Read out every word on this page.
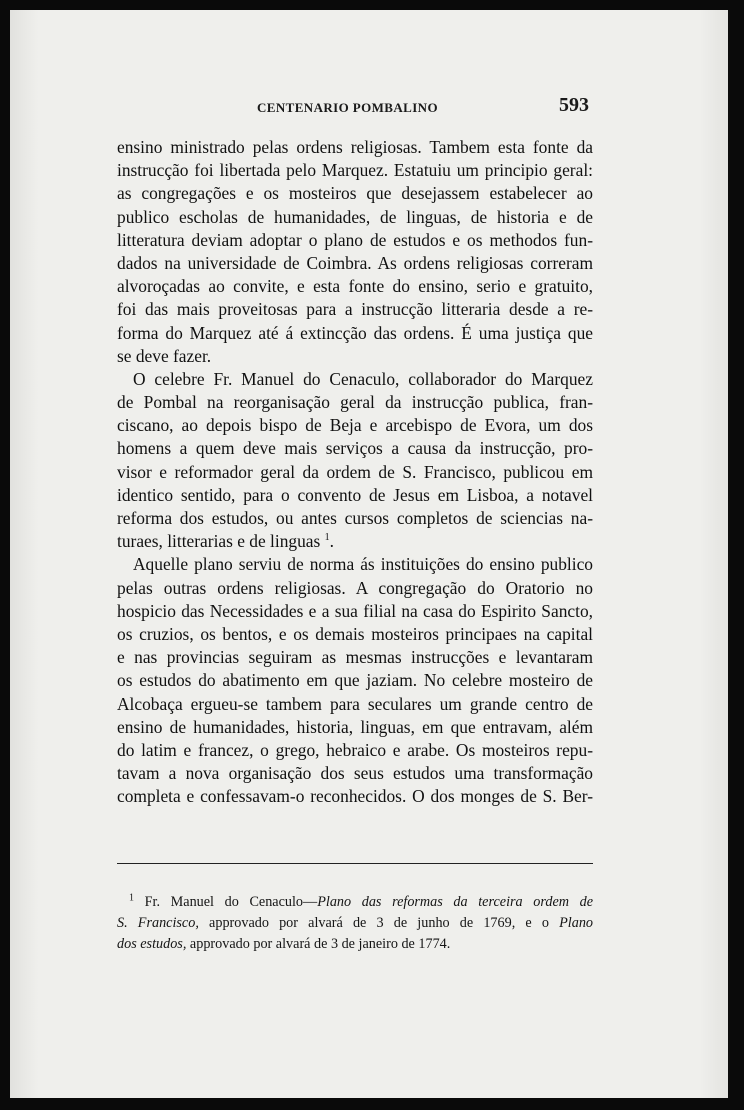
CENTENARIO POMBALINO	593
ensino ministrado pelas ordens religiosas. Tambem esta fonte da
instrucção foi libertada pelo Marquez. Estatuiu um principio geral:
as congregações e os mosteiros que desejassem estabelecer ao
publico escholas de humanidades, de linguas, de historia e de
litteratura deviam adoptar o plano de estudos e os methodos fun-
dados na universidade de Coimbra. As ordens religiosas correram
alvoroçadas ao convite, e esta fonte do ensino, serio e gratuito,
foi das mais proveitosas para a instrucção litteraria desde a re-
forma do Marquez até á extincção das ordens. É uma justiça que
se deve fazer.
O celebre Fr. Manuel do Cenaculo, collaborador do Marquez
de Pombal na reorganisação geral da instrucção publica, fran-
ciscano, ao depois bispo de Beja e arcebispo de Evora, um dos
homens a quem deve mais serviços a causa da instrucção, pro-
visor e reformador geral da ordem de S. Francisco, publicou em
identico sentido, para o convento de Jesus em Lisboa, a notavel
reforma dos estudos, ou antes cursos completos de sciencias na-
turaes, litterarias e de linguas $^1$.
Aquelle plano serviu de norma ás instituições do ensino publico
pelas outras ordens religiosas. A congregação do Oratorio no
hospicio das Necessidades e a sua filial na casa do Espirito Sancto,
os cruzios, os bentos, e os demais mosteiros principaes na capital
e nas provincias seguiram as mesmas instrucções e levantaram
os estudos do abatimento em que jaziam. No celebre mosteiro de
Alcobaça ergueu-se tambem para seculares um grande centro de
ensino de humanidades, historia, linguas, em que entravam, além
do latim e francez, o grego, hebraico e arabe. Os mosteiros repu-
tavam a nova organisação dos seus estudos uma transformação
completa e confessavam-o reconhecidos. O dos monges de S. Ber-
$^1$ Fr. Manuel do Cenaculo—Plano das reformas da terceira ordem de
S. Francisco, approvado por alvará de 3 de junho de 1769, e o Plano
dos estudos, approvado por alvará de 3 de janeiro de 1774.
